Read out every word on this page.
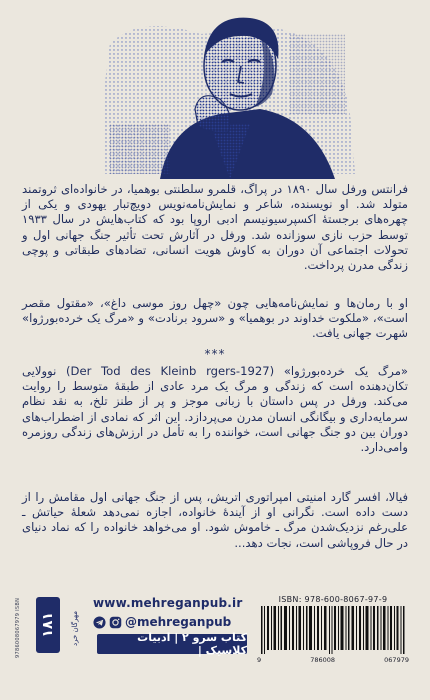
فرانتس ورفل سال ۱۸۹۰ در پراگ، قلمرو سلطنتی بوهمیا، در خانواده‌ای ثروتمند متولد شد. او نویسنده، شاعر و نمایش‌نامه‌نویس دویچ‌تبار یهودی و یکی از چهره‌های برجستهٔ اکسپرسیونیسم ادبی اروپا بود که کتاب‌هایش در سال ۱۹۳۳ توسط حزب نازی سوزانده شد. ورفل در آثارش تحت تأثیر جنگ جهانی اول و تحولات اجتماعی آن دوران به کاوش هویت انسانی، تضادهای طبقاتی و پوچی زندگی مدرن پرداخت.
او با رمان‌ها و نمایش‌نامه‌هایی چون «چهل روز موسی داغ»، «مقتول مقصر است»، «ملکوت خداوند در بوهمیا» و «سرود برنادت» و «مرگ یک خرده‌بورژوا» شهرت جهانی یافت.
***
«مرگ یک خرده‌بورژوا» (Der Tod des Kleinb rgers-1927) نوولایی تکان‌دهنده است که زندگی و مرگ یک مرد عادی از طبقهٔ متوسط را روایت می‌کند. ورفل در پس داستان با زبانی موجز و پر از طنز تلخ، به نقد نظام سرمایه‌داری و بیگانگی انسان مدرن می‌پردازد. این اثر که نمادی از اضطراب‌های دوران بین دو جنگ جهانی است، خواننده را به تأمل در ارزش‌های زندگی روزمره وامی‌دارد.
فیالا، افسر گارد امنیتی امپراتوری اتریش، پس از جنگ جهانی اول مقامش را از دست داده است. نگرانی او از آیندهٔ خانواده، اجازه نمی‌دهد شعلهٔ حیاتش ـ علی‌رغم نزدیک‌شدن مرگ ـ خاموش شود. او می‌خواهد خانواده را که نماد دنیای در حال فروپاشی است، نجات دهد...
9786008067979 ISBN	۱۸۱	مهرگان خرد
www.mehreganpub.ir
@mehreganpub
کتاب سرو ۲ | ادبیات کلاسیک |
ISBN: 978-600-8067-97-9
9	786008	067979
